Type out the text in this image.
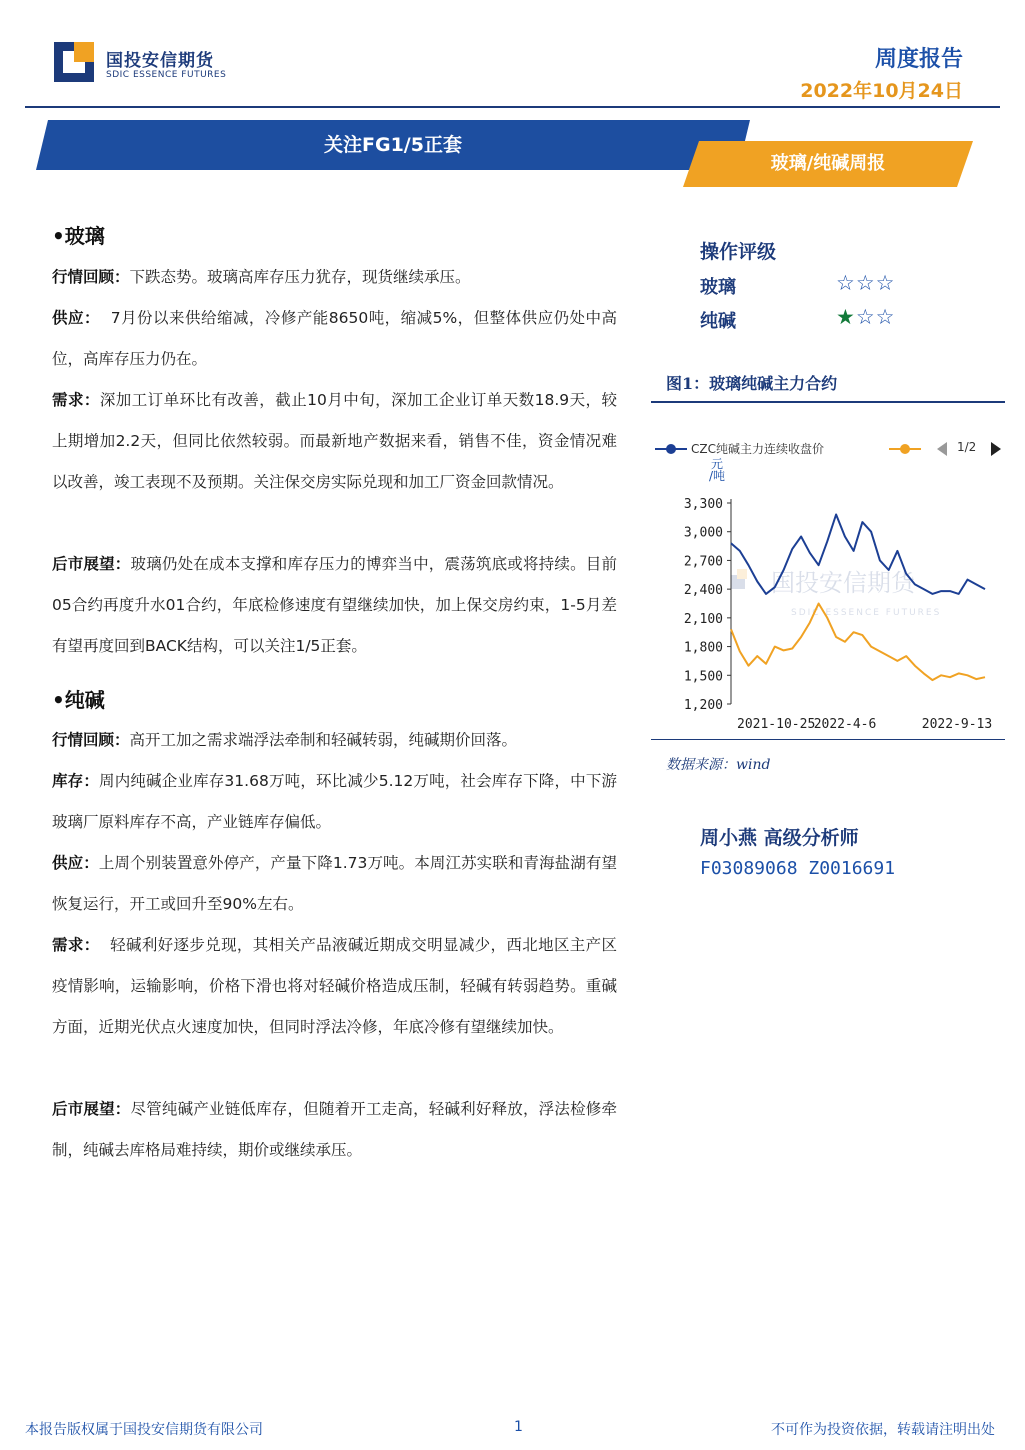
国投安信期货
SDIC ESSENCE FUTURES
周度报告
2022年10月24日
关注FG1/5正套
玻璃/纯碱周报
•玻璃
行情回顾：下跌态势。玻璃高库存压力犹存，现货继续承压。
供应：  7月份以来供给缩减，冷修产能8650吨，缩减5%，但整体供应仍处中高位，高库存压力仍在。
需求：深加工订单环比有改善，截止10月中旬，深加工企业订单天数18.9天，较上期增加2.2天，但同比依然较弱。而最新地产数据来看，销售不佳，资金情况难以改善，竣工表现不及预期。关注保交房实际兑现和加工厂资金回款情况。
后市展望：玻璃仍处在成本支撑和库存压力的博弈当中，震荡筑底或将持续。目前05合约再度升水01合约，年底检修速度有望继续加快，加上保交房约束，1-5月差有望再度回到BACK结构，可以关注1/5正套。
•纯碱
行情回顾：高开工加之需求端浮法牵制和轻碱转弱，纯碱期价回落。
库存：周内纯碱企业库存31.68万吨，环比减少5.12万吨，社会库存下降，中下游玻璃厂原料库存不高，产业链库存偏低。
供应：上周个别装置意外停产，产量下降1.73万吨。本周江苏实联和青海盐湖有望恢复运行，开工或回升至90%左右。
需求：  轻碱利好逐步兑现，其相关产品液碱近期成交明显减少，西北地区主产区疫情影响，运输影响，价格下滑也将对轻碱价格造成压制，轻碱有转弱趋势。重碱方面，近期光伏点火速度加快，但同时浮法冷修，年底冷修有望继续加快。
后市展望：尽管纯碱产业链低库存，但随着开工走高，轻碱利好释放，浮法检修牵制，纯碱去库格局难持续，期价或继续承压。
操作评级
玻璃	☆☆☆
纯碱	★☆☆
图1：玻璃纯碱主力合约
CZC纯碱主力连续收盘价	1/2
国投安信期货
SDIC ESSENCE FUTURES
元
/吨
3,300
3,000
2,700
2,400
2,100
1,800
1,500
1,200
2021-10-25
2022-4-6	2022-9-13
数据来源：wind
周小燕 高级分析师
F03089068 Z0016691
本报告版权属于国投安信期货有限公司	1	不可作为投资依据，转载请注明出处
